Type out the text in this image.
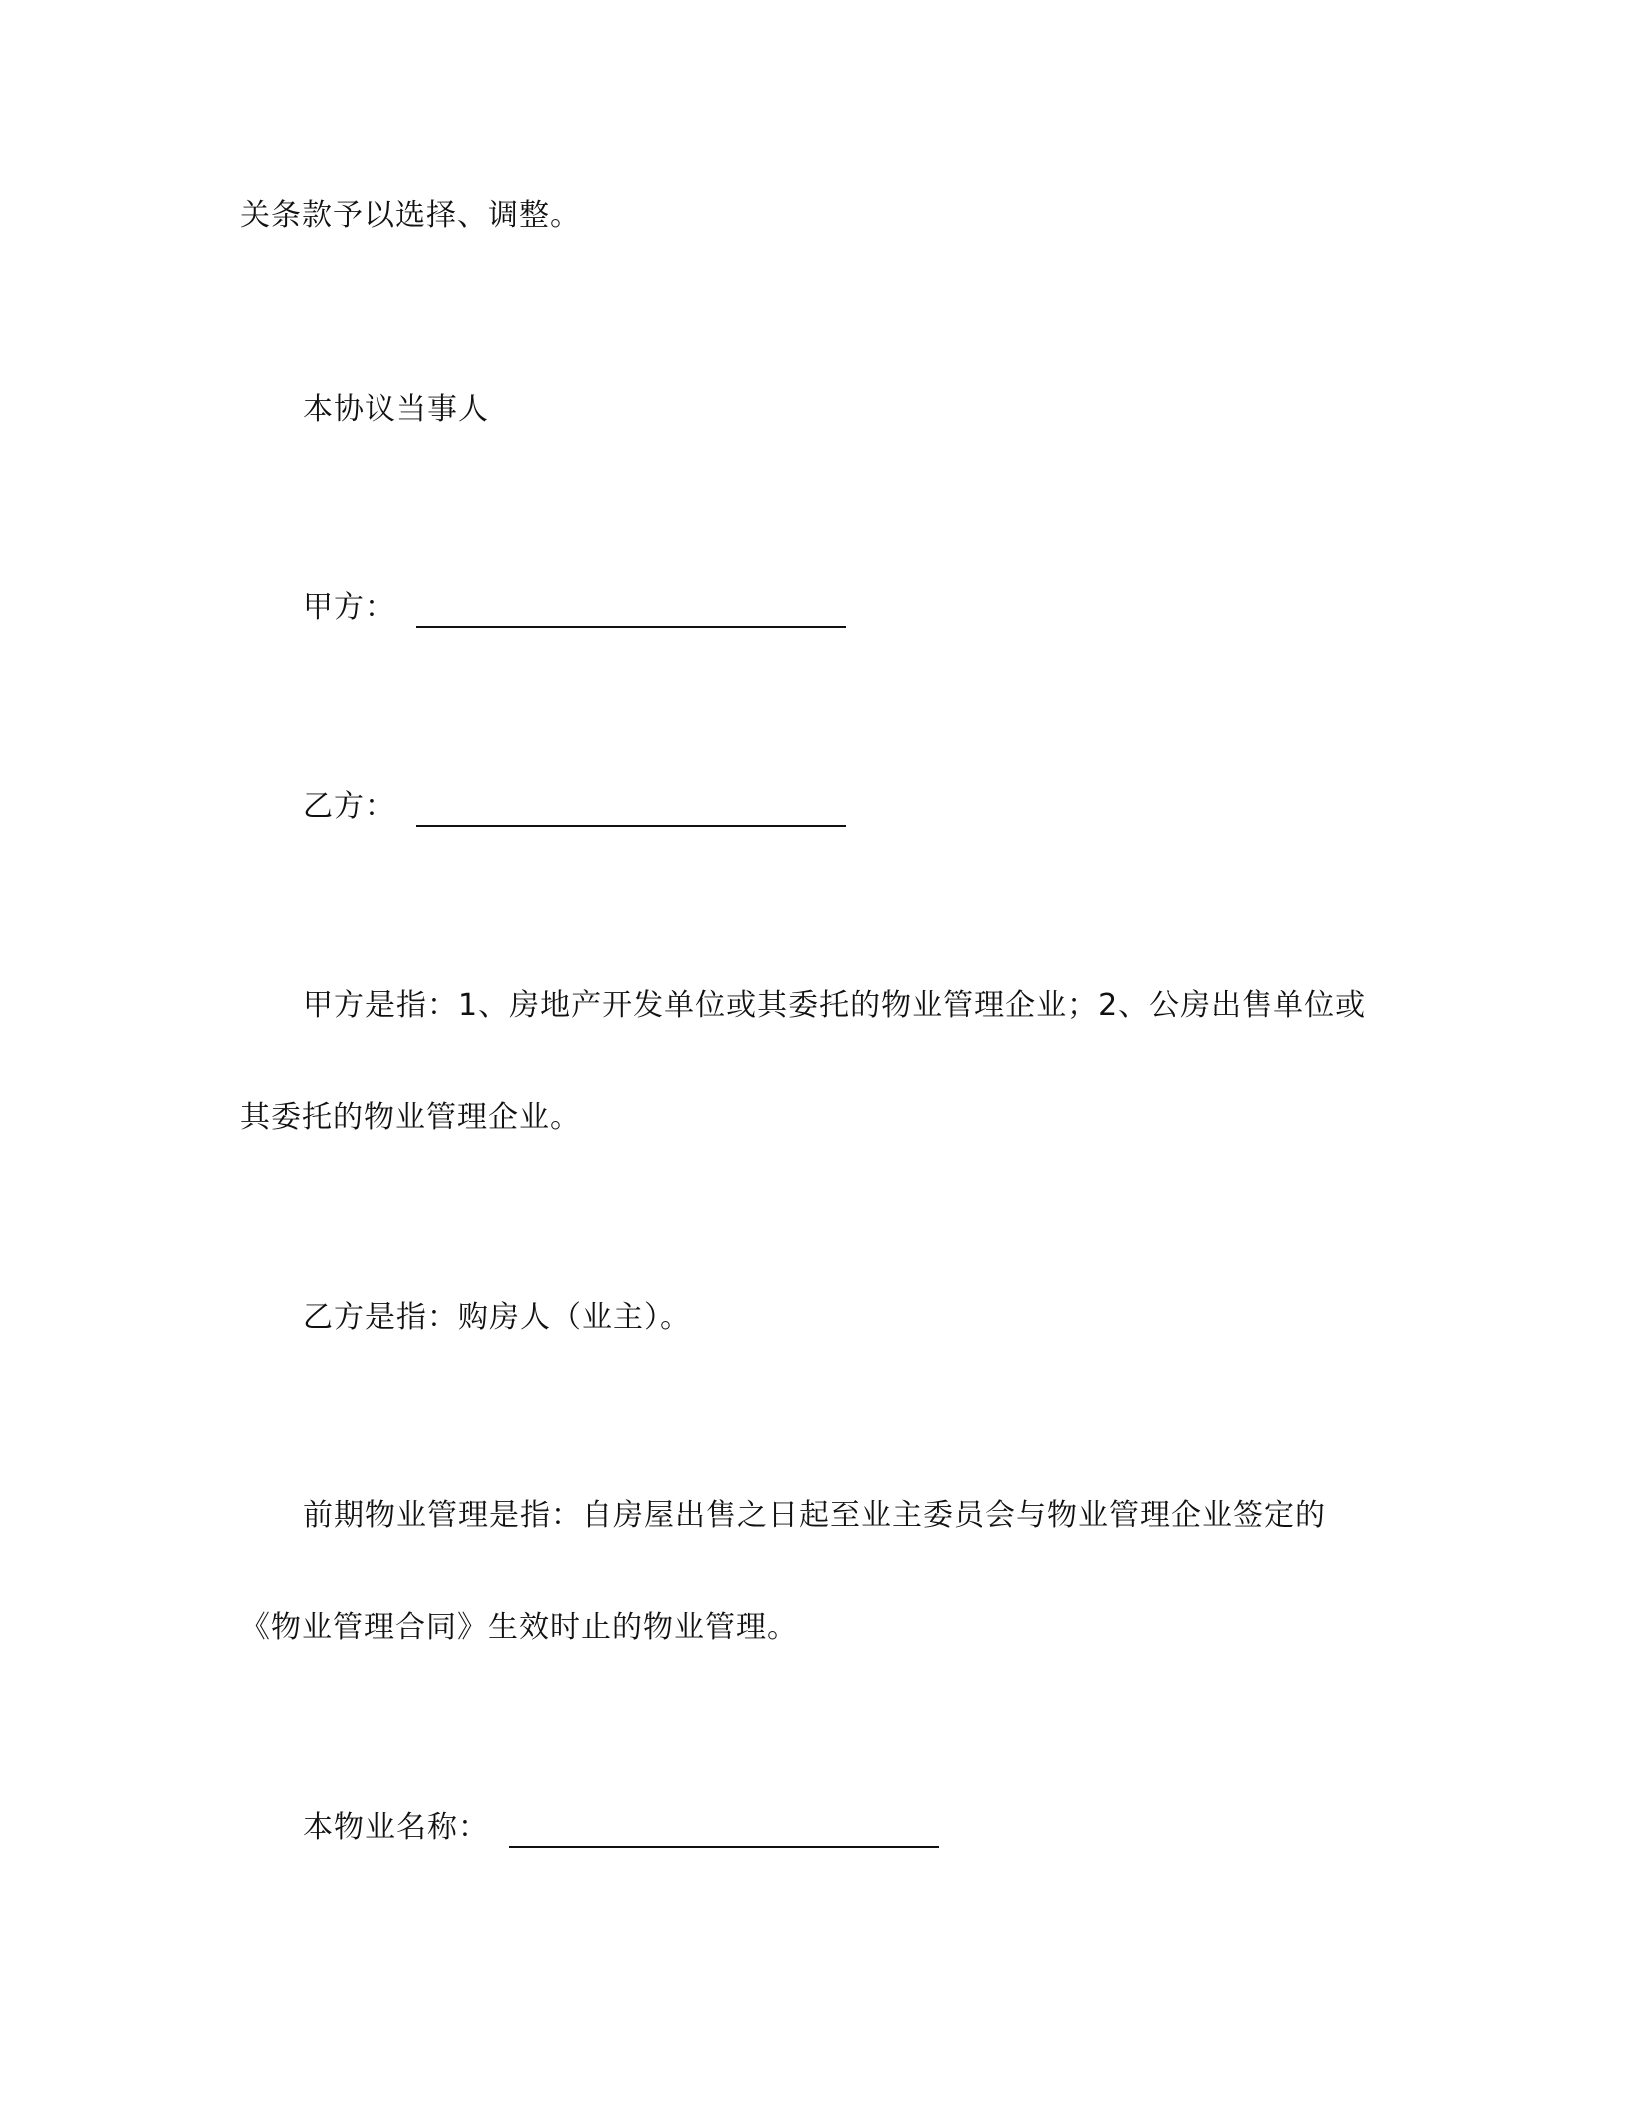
关条款予以选择、调整。
本协议当事人
甲方：
乙方：
甲方是指：1、房地产开发单位或其委托的物业管理企业；2、公房出售单位或
其委托的物业管理企业。
乙方是指：购房人（业主）。
前期物业管理是指：自房屋出售之日起至业主委员会与物业管理企业签定的
《物业管理合同》生效时止的物业管理。
本物业名称：
